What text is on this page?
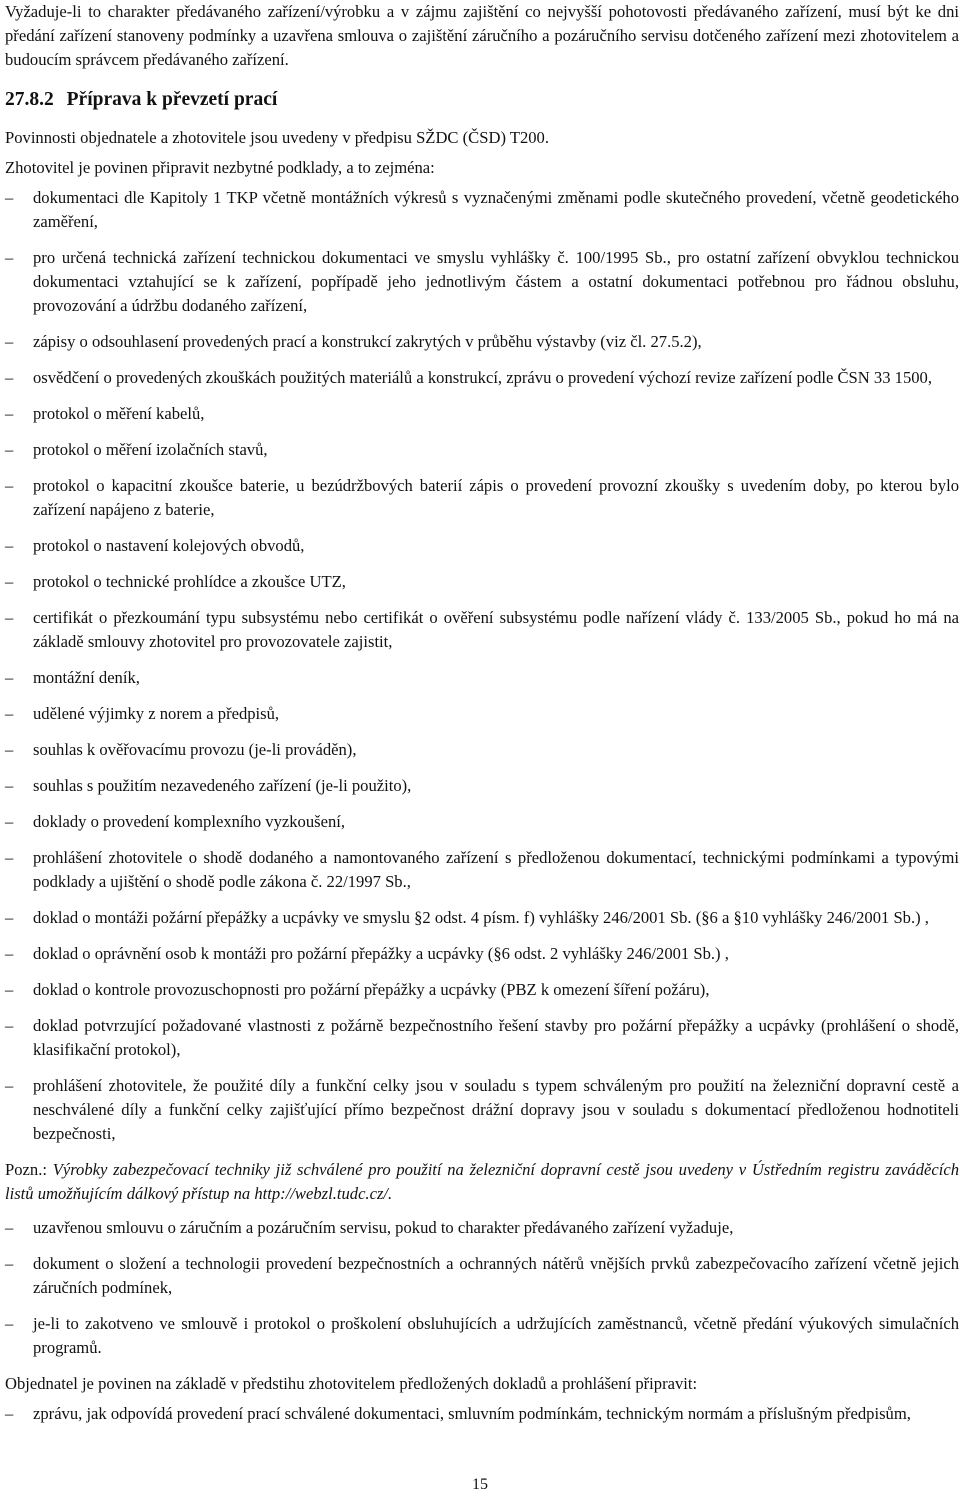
Vyžaduje-li to charakter předávaného zařízení/výrobku a v zájmu zajištění co nejvyšší pohotovosti předávaného zařízení, musí být ke dni předání zařízení stanoveny podmínky a uzavřena smlouva o zajištění záručního a pozáručního servisu dotčeného zařízení mezi zhotovitelem a budoucím správcem předávaného zařízení.

27.8.2 Příprava k převzetí prací

Povinnosti objednatele a zhotovitele jsou uvedeny v předpisu SŽDC (ČSD) T200.

Zhotovitel je povinen připravit nezbytné podklady, a to zejména:

– dokumentaci dle Kapitoly 1 TKP včetně montážních výkresů s vyznačenými změnami podle skutečného provedení, včetně geodetického zaměření,
– pro určená technická zařízení technickou dokumentaci ve smyslu vyhlášky č. 100/1995 Sb., pro ostatní zařízení obvyklou technickou dokumentaci vztahující se k zařízení, popřípadě jeho jednotlivým částem a ostatní dokumentaci potřebnou pro řádnou obsluhu, provozování a údržbu dodaného zařízení,
– zápisy o odsouhlasení provedených prací a konstrukcí zakrytých v průběhu výstavby (viz čl. 27.5.2),
– osvědčení o provedených zkouškách použitých materiálů a konstrukcí, zprávu o provedení výchozí revize zařízení podle ČSN 33 1500,
– protokol o měření kabelů,
– protokol o měření izolačních stavů,
– protokol o kapacitní zkoušce baterie, u bezúdržbových baterií zápis o provedení provozní zkoušky s uvedením doby, po kterou bylo zařízení napájeno z baterie,
– protokol o nastavení kolejových obvodů,
– protokol o technické prohlídce a zkoušce UTZ,
– certifikát o přezkoumání typu subsystému nebo certifikát o ověření subsystému podle nařízení vlády č. 133/2005 Sb., pokud ho má na základě smlouvy zhotovitel pro provozovatele zajistit,
– montážní deník,
– udělené výjimky z norem a předpisů,
– souhlas k ověřovacímu provozu (je-li prováděn),
– souhlas s použitím nezavedeného zařízení (je-li použito),
– doklady o provedení komplexního vyzkoušení,
– prohlášení zhotovitele o shodě dodaného a namontovaného zařízení s předloženou dokumentací, technickými podmínkami a typovými podklady a ujištění o shodě podle zákona č. 22/1997 Sb.,
– doklad o montáži požární přepážky a ucpávky ve smyslu §2 odst. 4 písm. f) vyhlášky 246/2001 Sb. (§6 a §10 vyhlášky 246/2001 Sb.) ,
– doklad o oprávnění osob k montáži pro požární přepážky a ucpávky (§6 odst. 2 vyhlášky 246/2001 Sb.) ,
– doklad o kontrole provozuschopnosti pro požární přepážky a ucpávky (PBZ k omezení šíření požáru),
– doklad potvrzující požadované vlastnosti z požárně bezpečnostního řešení stavby pro požární přepážky a ucpávky (prohlášení o shodě, klasifikační protokol),
– prohlášení zhotovitele, že použité díly a funkční celky jsou v souladu s typem schváleným pro použití na železniční dopravní cestě a neschválené díly a funkční celky zajišťující přímo bezpečnost drážní dopravy jsou v souladu s dokumentací předloženou hodnotiteli bezpečnosti,

Pozn.: Výrobky zabezpečovací techniky již schválené pro použití na železniční dopravní cestě jsou uvedeny v Ústředním registru zaváděcích listů umožňujícím dálkový přístup na http://webzl.tudc.cz/.

– uzavřenou smlouvu o záručním a pozáručním servisu, pokud to charakter předávaného zařízení vyžaduje,
– dokument o složení a technologii provedení bezpečnostních a ochranných nátěrů vnějších prvků zabezpečovacího zařízení včetně jejich záručních podmínek,
– je-li to zakotveno ve smlouvě i protokol o proškolení obsluhujících a udržujících zaměstnanců, včetně předání výukových simulačních programů.

Objednatel je povinen na základě v předstihu zhotovitelem předložených dokladů a prohlášení připravit:

– zprávu, jak odpovídá provedení prací schválené dokumentaci, smluvním podmínkám, technickým normám a příslušným předpisům,
15
